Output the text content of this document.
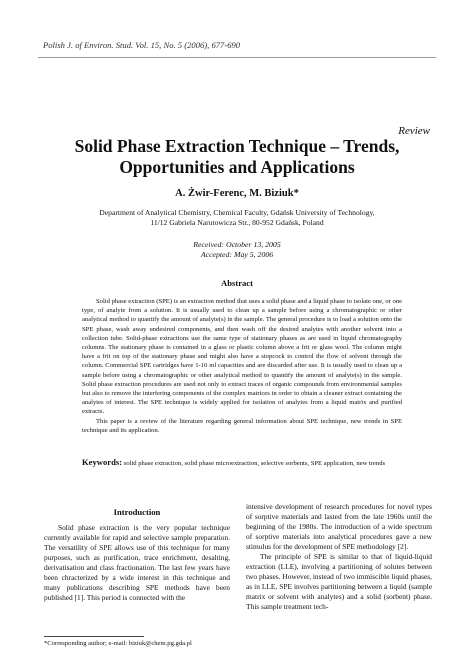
Polish J. of Environ. Stud. Vol. 15, No. 5 (2006), 677-690
Review
Solid Phase Extraction Technique – Trends,
Opportunities and Applications
A. Żwir-Ferenc, M. Biziuk*
Department of Analytical Chemistry, Chemical Faculty, Gdańsk University of Technology,
11/12 Gabriela Narutowicza Str., 80-952 Gdańsk, Poland
Received: October 13, 2005
Accepted: May 5, 2006
Abstract

Solid phase extraction (SPE) is an extraction method that uses a solid phase and a liquid phase to isolate one, or one type, of analyte from a solution. It is usually used to clean up a sample before using a chromatographic or other analytical method to quantify the amount of analyte(s) in the sample. The general procedure is to load a solution onto the SPE phase, wash away undesired components, and then wash off the desired analytes with another solvent into a collection tube. Solid-phase extractions use the same type of stationary phases as are used in liquid chromatography columns. The stationary phase is contained in a glass or plastic column above a frit or glass wool. The column might have a frit on top of the stationary phase and might also have a stopcock to control the flow of solvent through the column. Commercial SPE cartridges have 1-10 ml capacities and are discarded after use. It is usually used to clean up a sample before using a chromatographic or other analytical method to quantify the amount of analyte(s) in the sample. Solid phase extraction procedures are used not only to extract traces of organic compounds from environmental samples but also to remove the interfering components of the complex matrices in order to obtain a cleaner extract containing the analytes of interest. The SPE technique is widely applied for isolation of analytes from a liquid matrix and purified extracts.

This paper is a review of the literature regarding general information about SPE technique, new trends in SPE technique and its application.

Keywords: solid phase extraction, solid phase microextraction, selective sorbents, SPE application, new trends
Introduction

Solid phase extraction is the very popular technique currently available for rapid and selective sample preparation. The versatility of SPE allows use of this technique for many purposes, such as purification, trace enrichment, desalting, derivatisation and class fractionation. The last few years have been chracterized by a wide interest in this technique and many publications describing SPE methods have been published [1]. This period is connected with the

intensive development of research procedures for novel types of sorptive materials and lasted from the late 1960s until the beginning of the 1980s. The introduction of a wide spectrum of sorptive materials into analytical procedures gave a new stimulus for the development of SPE methodology [2].

The principle of SPE is similar to that of liquid-liquid extraction (LLE), involving a partitioning of solutes between two phases. However, instead of two immiscible liquid phases, as in LLE, SPE involves partitioning between a liquid (sample matrix or solvent with analytes) and a solid (sorbent) phase. This sample treatment tech-

*Corresponding author; e-mail: biziuk@chem.pg.gda.pl
